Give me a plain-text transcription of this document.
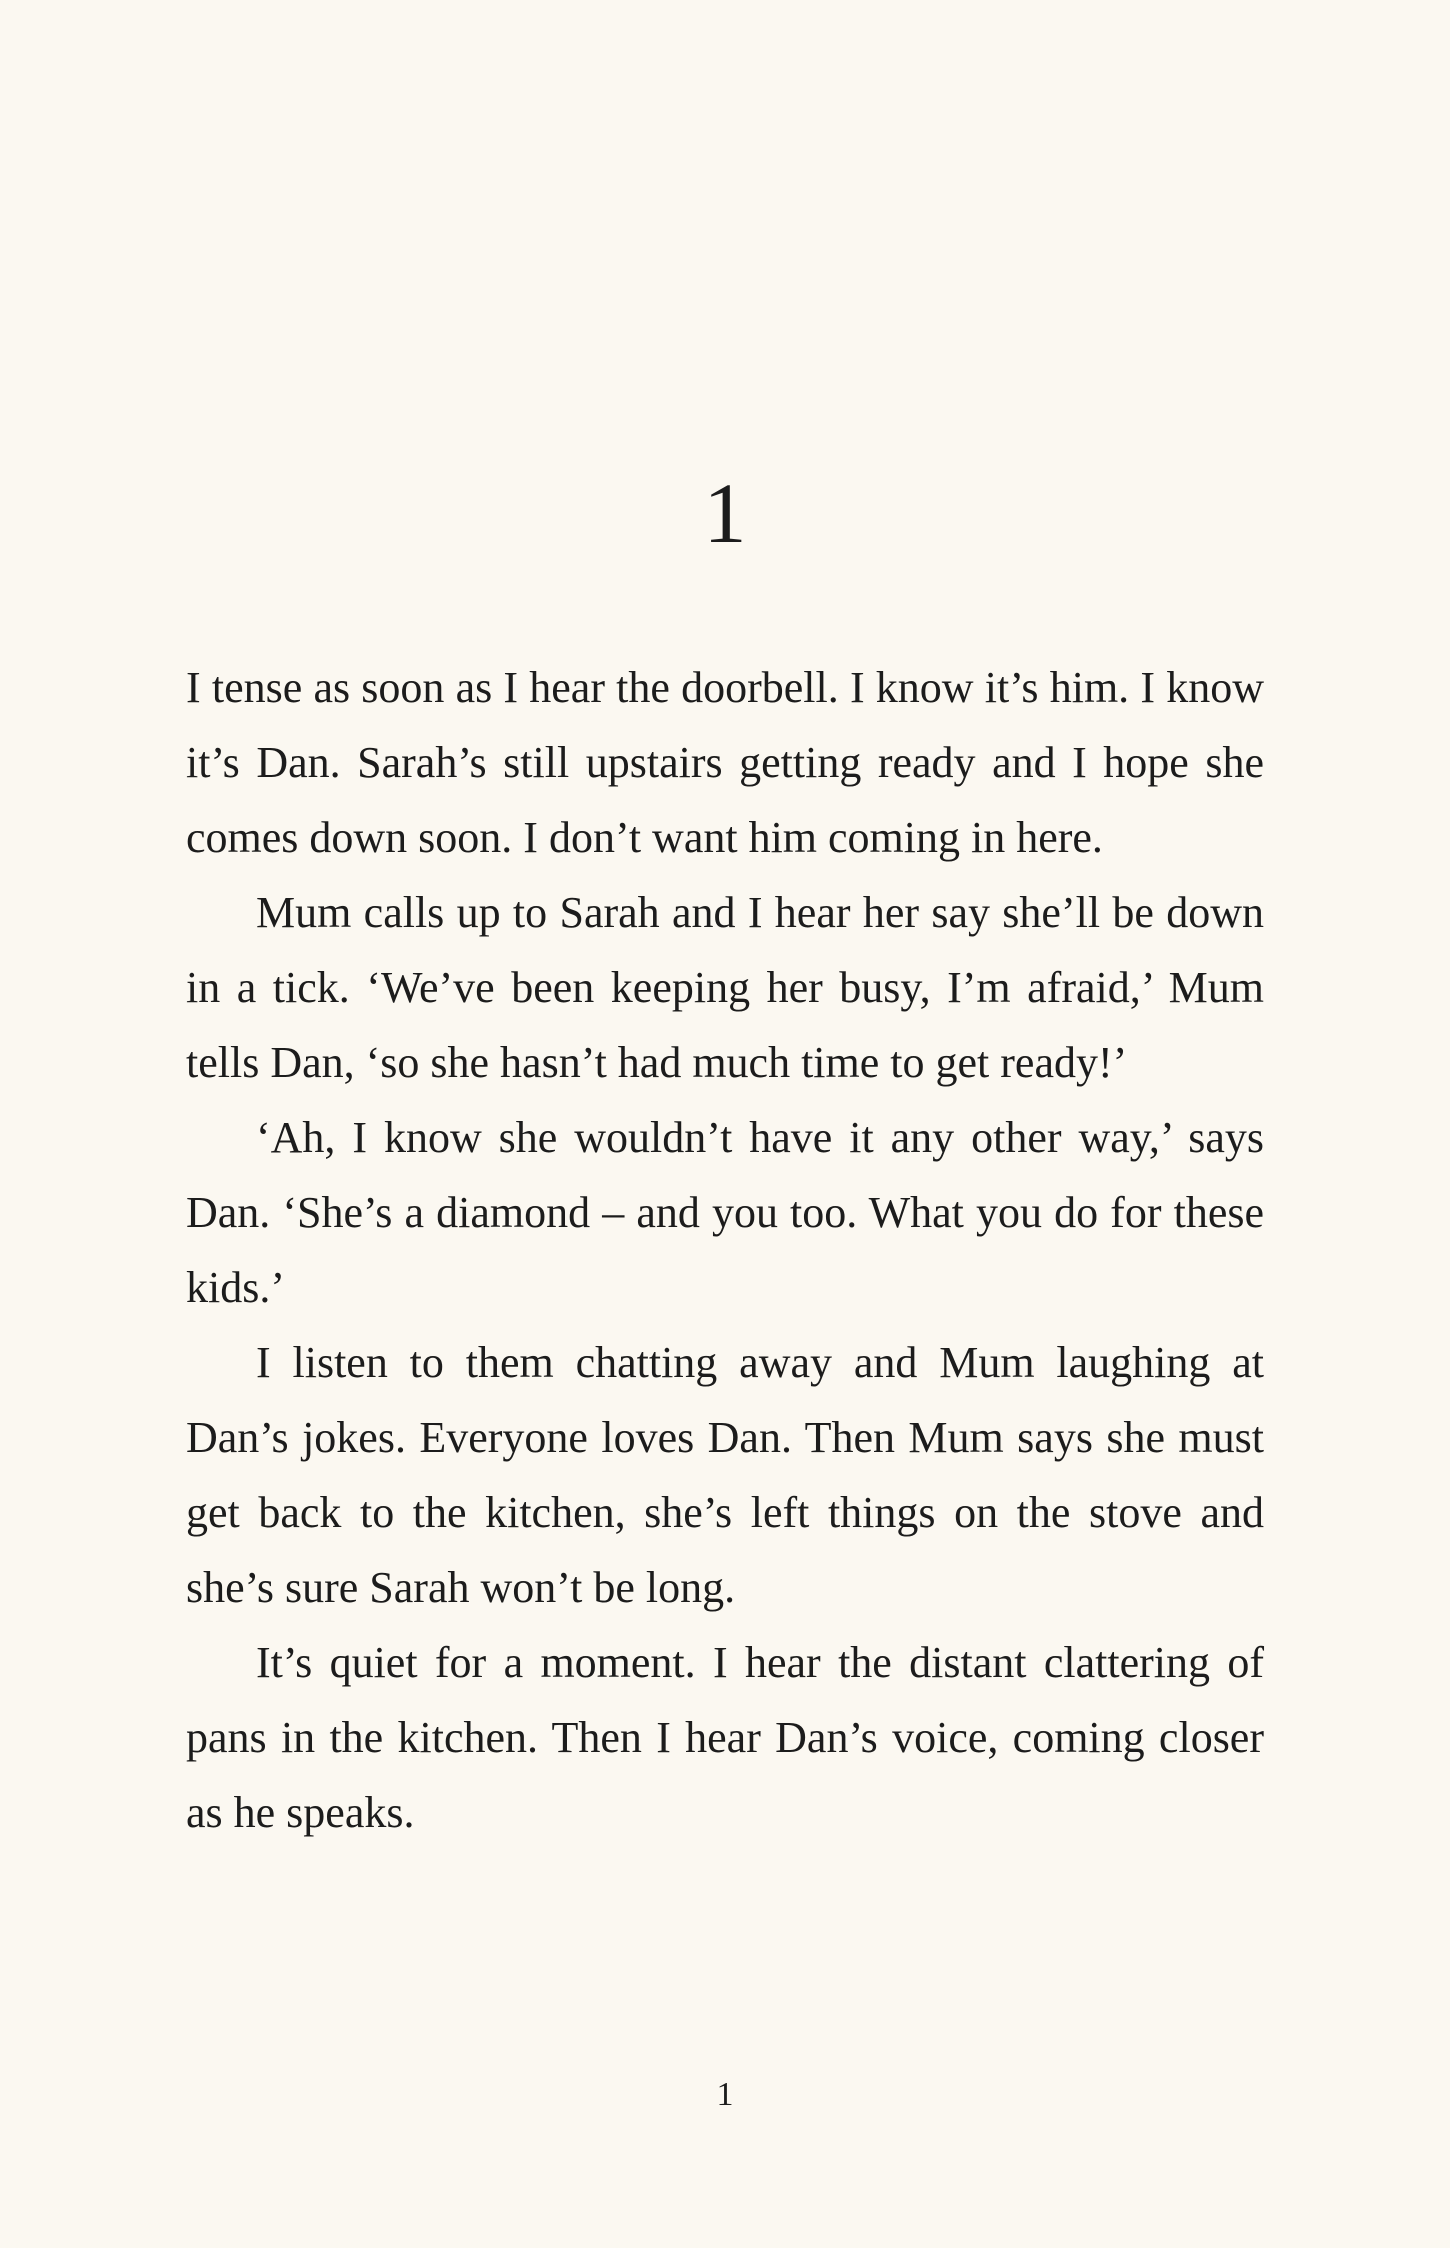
1

I tense as soon as I hear the doorbell. I know it’s him. I know it’s Dan. Sarah’s still upstairs getting ready and I hope she comes down soon. I don’t want him coming in here.

Mum calls up to Sarah and I hear her say she’ll be down in a tick. ‘We’ve been keeping her busy, I’m afraid,’ Mum tells Dan, ‘so she hasn’t had much time to get ready!’

‘Ah, I know she wouldn’t have it any other way,’ says Dan. ‘She’s a diamond – and you too. What you do for these kids.’

I listen to them chatting away and Mum laughing at Dan’s jokes. Everyone loves Dan. Then Mum says she must get back to the kitchen, she’s left things on the stove and she’s sure Sarah won’t be long.

It’s quiet for a moment. I hear the distant clattering of pans in the kitchen. Then I hear Dan’s voice, coming closer as he speaks.

1
